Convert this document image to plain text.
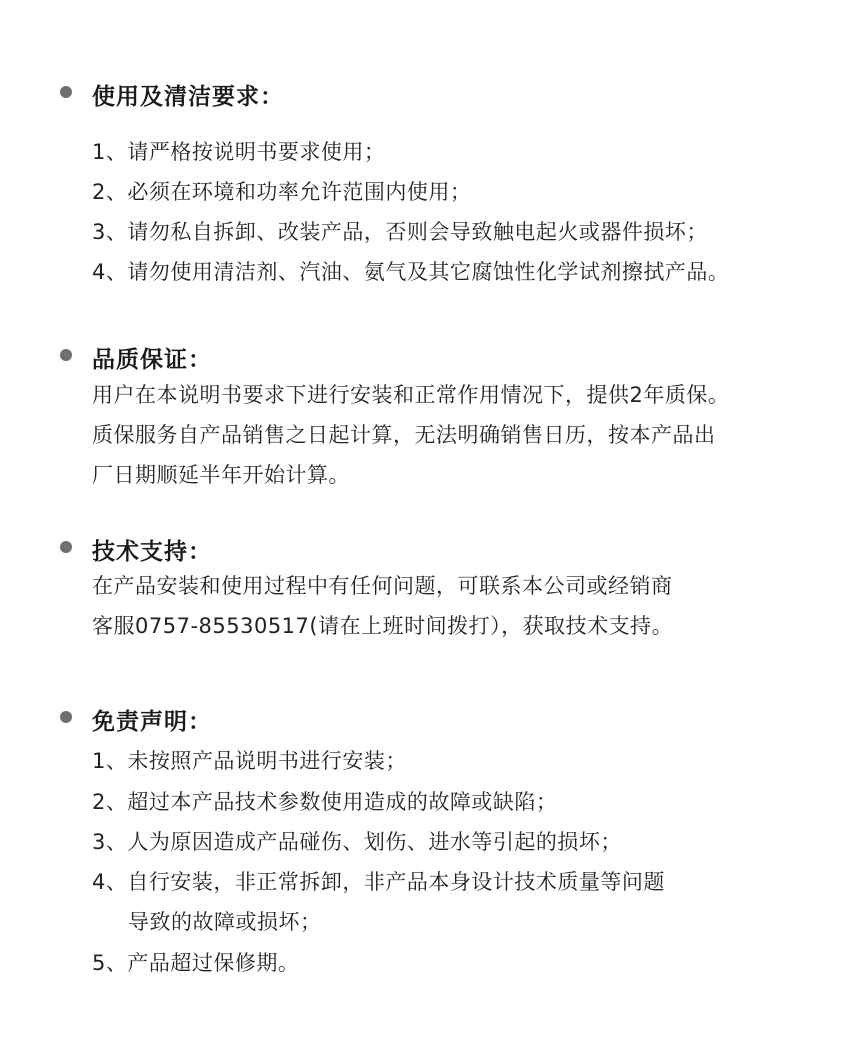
使用及清洁要求：
1、请严格按说明书要求使用；
2、必须在环境和功率允许范围内使用；
3、请勿私自拆卸、改装产品，否则会导致触电起火或器件损坏；
4、请勿使用清洁剂、汽油、氨气及其它腐蚀性化学试剂擦拭产品。
品质保证：
用户在本说明书要求下进行安装和正常作用情况下，提供2年质保。
质保服务自产品销售之日起计算，无法明确销售日历，按本产品出
厂日期顺延半年开始计算。
技术支持：
在产品安装和使用过程中有任何问题，可联系本公司或经销商
客服0757-85530517(请在上班时间拨打），获取技术支持。
免责声明：
1、未按照产品说明书进行安装；
2、超过本产品技术参数使用造成的故障或缺陷；
3、人为原因造成产品碰伤、划伤、进水等引起的损坏；
4、自行安装，非正常拆卸，非产品本身设计技术质量等问题
导致的故障或损坏；
5、产品超过保修期。
